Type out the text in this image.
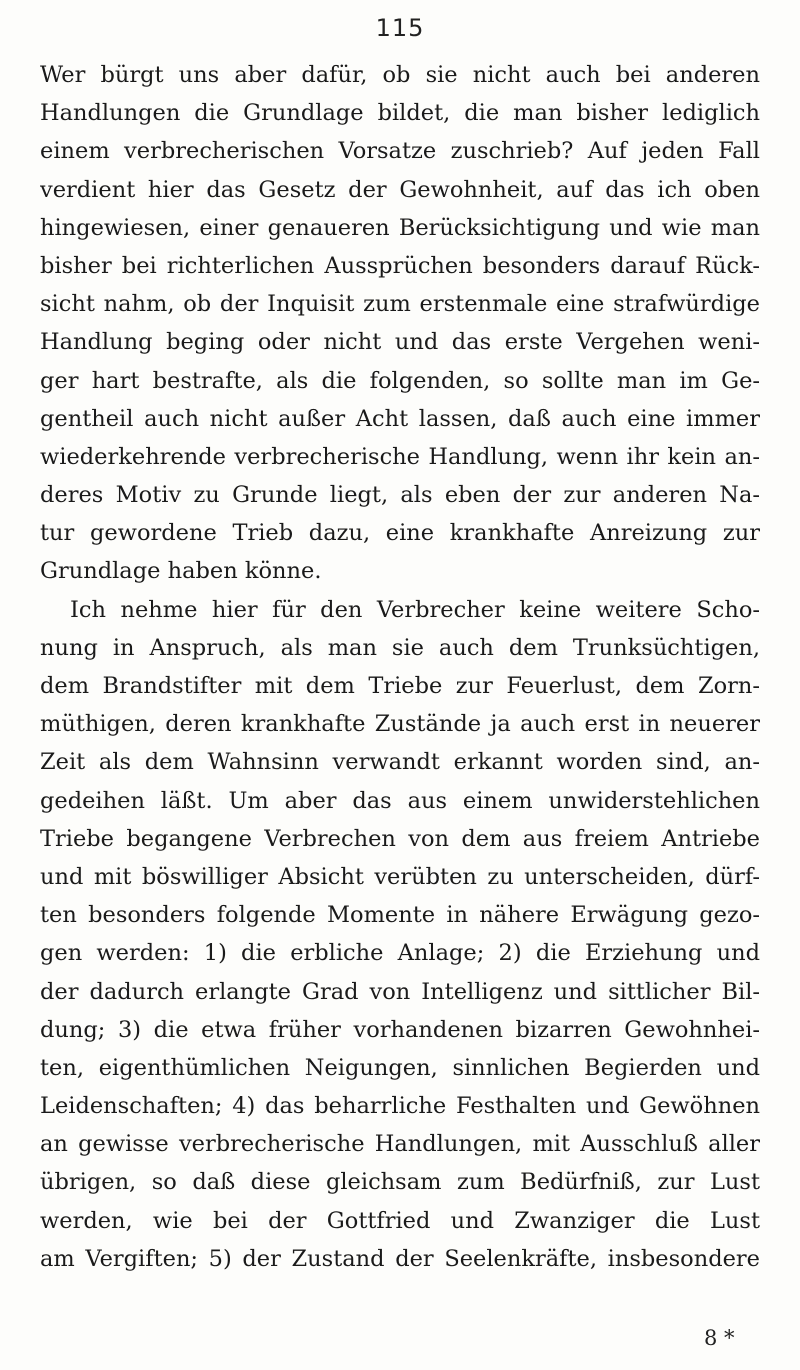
115
Wer bürgt uns aber dafür, ob sie nicht auch bei anderen
Handlungen die Grundlage bildet, die man bisher lediglich
einem verbrecherischen Vorsatze zuschrieb? Auf jeden Fall
verdient hier das Gesetz der Gewohnheit, auf das ich oben
hingewiesen, einer genaueren Berücksichtigung und wie man
bisher bei richterlichen Aussprüchen besonders darauf Rück-
sicht nahm, ob der Inquisit zum erstenmale eine strafwürdige
Handlung beging oder nicht und das erste Vergehen weni-
ger hart bestrafte, als die folgenden, so sollte man im Ge-
gentheil auch nicht außer Acht lassen, daß auch eine immer
wiederkehrende verbrecherische Handlung, wenn ihr kein an-
deres Motiv zu Grunde liegt, als eben der zur anderen Na-
tur gewordene Trieb dazu, eine krankhafte Anreizung zur
Grundlage haben könne.
Ich nehme hier für den Verbrecher keine weitere Scho-
nung in Anspruch, als man sie auch dem Trunksüchtigen,
dem Brandstifter mit dem Triebe zur Feuerlust, dem Zorn-
müthigen, deren krankhafte Zustände ja auch erst in neuerer
Zeit als dem Wahnsinn verwandt erkannt worden sind, an-
gedeihen läßt. Um aber das aus einem unwiderstehlichen
Triebe begangene Verbrechen von dem aus freiem Antriebe
und mit böswilliger Absicht verübten zu unterscheiden, dürf-
ten besonders folgende Momente in nähere Erwägung gezo-
gen werden: 1) die erbliche Anlage; 2) die Erziehung und
der dadurch erlangte Grad von Intelligenz und sittlicher Bil-
dung; 3) die etwa früher vorhandenen bizarren Gewohnhei-
ten, eigenthümlichen Neigungen, sinnlichen Begierden und
Leidenschaften; 4) das beharrliche Festhalten und Gewöhnen
an gewisse verbrecherische Handlungen, mit Ausschluß aller
übrigen, so daß diese gleichsam zum Bedürfniß, zur Lust
werden, wie bei der Gottfried und Zwanziger die Lust
am Vergiften; 5) der Zustand der Seelenkräfte, insbesondere
8 *
